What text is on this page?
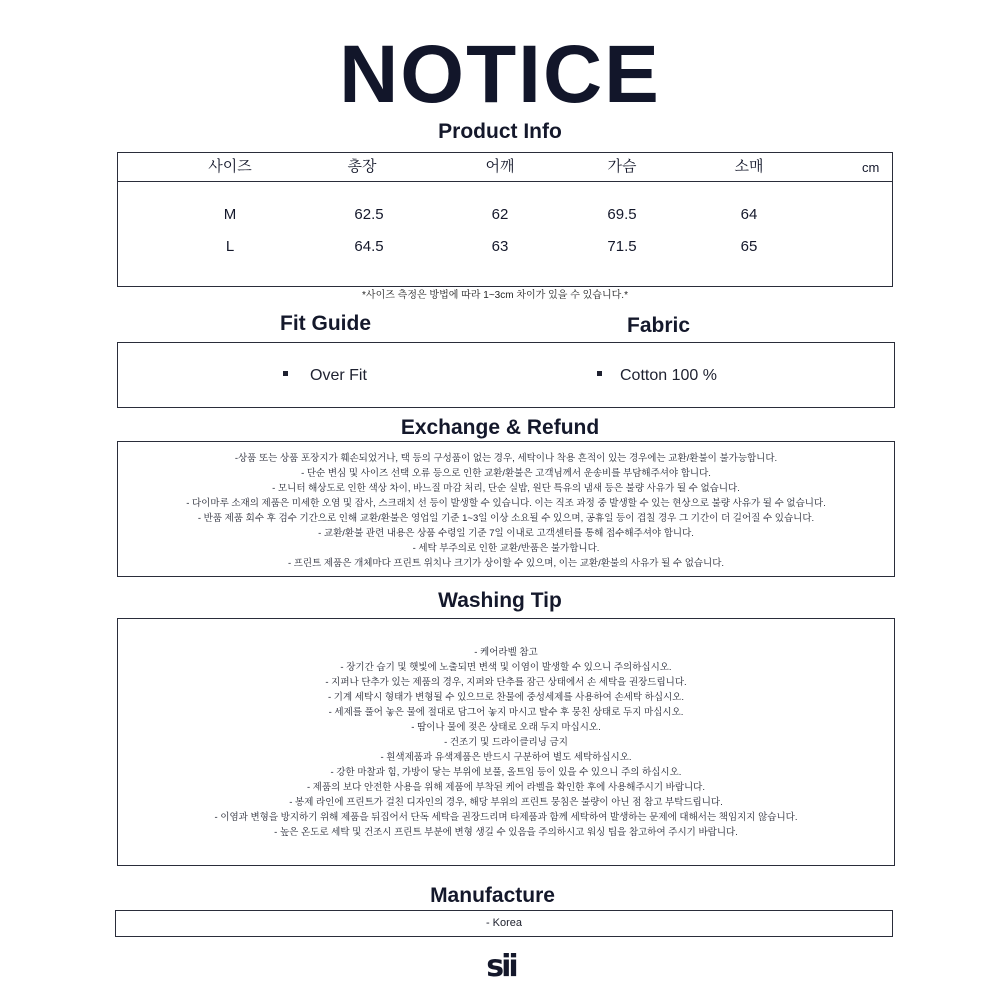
NOTICE
Product Info
사이즈	총장	어깨	가슴	소매	cm
M	62.5	62	69.5	64
L	64.5	63	71.5	65
*사이즈 측정은 방법에 따라 1~3cm 차이가 있을 수 있습니다.*
Fit Guide	Fabric
Over Fit	Cotton 100 %
Exchange & Refund
-상품 또는 상품 포장지가 훼손되었거나, 택 등의 구성품이 없는 경우, 세탁이나 착용 흔적이 있는 경우에는 교환/환불이 불가능합니다.
- 단순 변심 및 사이즈 선택 오류 등으로 인한 교환/환불은 고객님께서 운송비를 부담해주셔야 합니다.
- 모니터 해상도로 인한 색상 차이, 바느질 마감 처리, 단순 실밥, 원단 특유의 냄새 등은 불량 사유가 될 수 없습니다.
- 다이마루 소재의 제품은 미세한 오염 및 잡사, 스크래치 선 등이 발생할 수 있습니다. 이는 직조 과정 중 발생할 수 있는 현상으로 불량 사유가 될 수 없습니다.
- 반품 제품 회수 후 검수 기간으로 인해 교환/환불은 영업일 기준 1~3일 이상 소요될 수 있으며, 공휴일 등이 겹칠 경우 그 기간이 더 길어질 수 있습니다.
- 교환/환불 관련 내용은 상품 수령일 기준 7일 이내로 고객센터를 통해 접수해주셔야 합니다.
- 세탁 부주의로 인한 교환/반품은 불가합니다.
- 프린트 제품은 개체마다 프린트 위치나 크기가 상이할 수 있으며, 이는 교환/환불의 사유가 될 수 없습니다.
Washing Tip
- 케어라벨 참고
- 장기간 습기 및 햇빛에 노출되면 변색 및 이염이 발생할 수 있으니 주의하십시오.
- 지퍼나 단추가 있는 제품의 경우, 지퍼와 단추를 잠근 상태에서 손 세탁을 권장드립니다.
- 기계 세탁시 형태가 변형될 수 있으므로 찬물에 중성세제를 사용하여 손세탁 하십시오.
- 세제를 풀어 놓은 물에 절대로 담그어 놓지 마시고 탈수 후 뭉친 상태로 두지 마십시오.
- 땀이나 물에 젖은 상태로 오래 두지 마십시오.
- 건조기 및 드라이클리닝 금지
- 흰색제품과 유색제품은 반드시 구분하여 별도 세탁하십시오.
- 강한 마찰과 힘, 가방이 닿는 부위에 보풀, 올트임 등이 있을 수 있으니 주의 하십시오.
- 제품의 보다 안전한 사용을 위해 제품에 부착된 케어 라벨을 확인한 후에 사용해주시기 바랍니다.
- 봉제 라인에 프린트가 걸친 디자인의 경우, 해당 부위의 프린트 뭉침은 불량이 아닌 점 참고 부탁드립니다.
- 이염과 변형을 방지하기 위해 제품을 뒤집어서 단독 세탁을 권장드리며 타제품과 함께 세탁하여 발생하는 문제에 대해서는 책임지지 않습니다.
- 높은 온도로 세탁 및 건조시 프린트 부분에 변형 생길 수 있음을 주의하시고 워싱 팁을 참고하여 주시기 바랍니다.
Manufacture
- Korea
sii
